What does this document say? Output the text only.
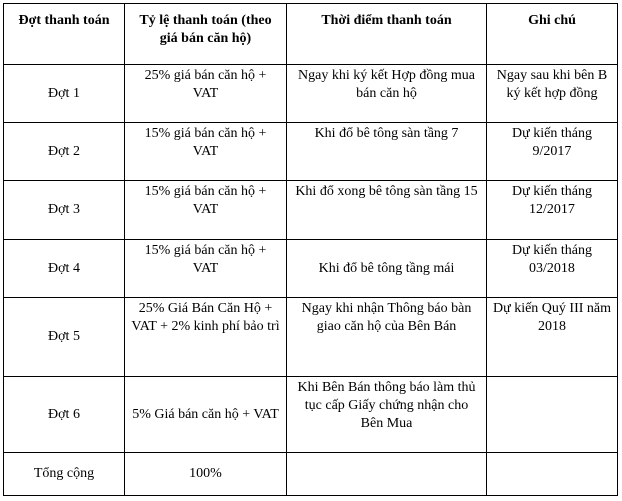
Đợt thanh toán	Tỷ lệ thanh toán (theo giá bán căn hộ)	Thời điểm thanh toán	Ghi chú
Đợt 1	25% giá bán căn hộ + VAT	Ngay khi ký kết Hợp đồng mua bán căn hộ	Ngay sau khi bên B ký kết hợp đồng
Đợt 2	15% giá bán căn hộ + VAT	Khi đổ bê tông sàn tầng 7	Dự kiến tháng 9/2017
Đợt 3	15% giá bán căn hộ + VAT	Khi đổ xong bê tông sàn tầng 15	Dự kiến tháng 12/2017
Đợt 4	15% giá bán căn hộ + VAT	Khi đổ bê tông tầng mái	Dự kiến tháng 03/2018
Đợt 5	25% Giá Bán Căn Hộ + VAT + 2% kinh phí bảo trì	Ngay khi nhận Thông báo bàn giao căn hộ của Bên Bán	Dự kiến Quý III năm 2018
Đợt 6	5% Giá bán căn hộ + VAT	Khi Bên Bán thông báo làm thủ tục cấp Giấy chứng nhận cho Bên Mua	
Tổng cộng	100%		
